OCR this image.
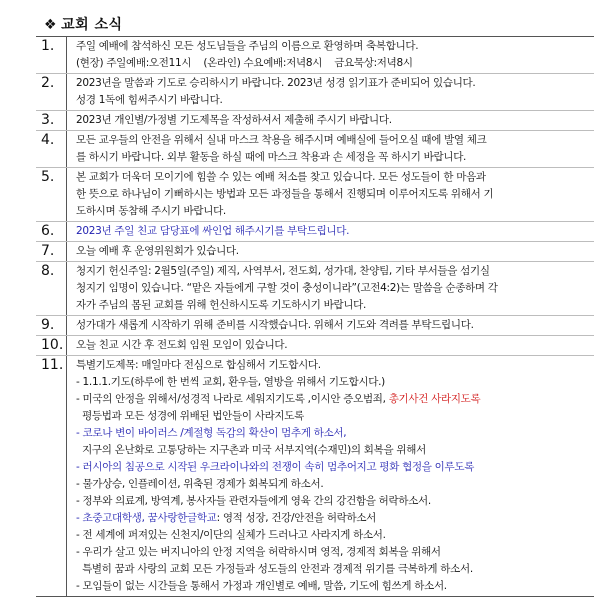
❖ 교회 소식
1.	주일 예배에 참석하신 모든 성도님들을 주님의 이름으로 환영하며 축복합니다.
(현장) 주일예배:오전11시    (온라인) 수요예배:저녁8시    금요묵상:저녁8시
2.	2023년을 말씀과 기도로 승리하시기 바랍니다. 2023년 성경 읽기표가 준비되어 있습니다.
성경 1독에 힘써주시기 바랍니다.
3.	2023년 개인별/가정별 기도제목을 작성하셔서 제출해 주시기 바랍니다.
4.	모든 교우들의 안전을 위해서 실내 마스크 착용을 해주시며 예배실에 들어오실 때에 발열 체크
를 하시기 바랍니다. 외부 활동을 하실 때에 마스크 착용과 손 세정을 꼭 하시기 바랍니다.
5.	본 교회가 더욱더 모이기에 힘쓸 수 있는 예배 처소를 찾고 있습니다. 모든 성도들이 한 마음과
한 뜻으로 하나님이 기뻐하시는 방법과 모든 과정들을 통해서 진행되며 이루어지도록 위해서 기
도하시며 동참해 주시기 바랍니다.
6.	2023년 주일 친교 담당표에 싸인업 해주시기를 부탁드립니다.
7.	오늘 예배 후 운영위원회가 있습니다.
8.	청지기 헌신주일: 2월5일(주일) 제직, 사역부서, 전도회, 성가대, 찬양팀, 기타 부서들을 섬기실
청지기 임명이 있습니다. “맡은 자들에게 구할 것이 충성이니라”(고전4:2)는 말씀을 순종하며 각
자가 주님의 몸된 교회를 위해 헌신하시도록 기도하시기 바랍니다.
9.	성가대가 새롭게 시작하기 위해 준비를 시작했습니다. 위해서 기도와 격려를 부탁드립니다.
10. 오늘 친교 시간 후 전도회 임원 모임이 있습니다.
11. 특별기도제목: 매일마다 전심으로 합심해서 기도합시다.
- 1.1.1.기도(하루에 한 번씩 교회, 환우들, 열방을 위해서 기도합시다.)
- 미국의 안정을 위해서/성경적 나라로 세워지기도록 ,이시안 증오범죄, 총기사건 사라지도록
평등법과 모든 성경에 위배된 법안들이 사라지도록
- 코로나 변이 바이러스 /계절형 독감의 확산이 멈추게 하소서,
지구의 온난화로 고통당하는 지구촌과 미국 서부지역(수재민)의 회복을 위해서
- 러시아의 침공으로 시작된 우크라이나와의 전쟁이 속히 멈추어지고 평화 협정을 이루도록
- 물가상승, 인플레이션, 위축된 경제가 회복되게 하소서.
- 정부와 의료계, 방역계, 봉사자들 관련자들에게 영육 간의 강건함을 허락하소서.
- 초중고대학생, 꿈사랑한글학교: 영적 성장, 건강/안전을 허락하소서
- 전 세계에 퍼져있는 신천지/이단의 실체가 드러나고 사라지게 하소서.
- 우리가 살고 있는 버지니아의 안정 지역을 허락하시며 영적, 경제적 회복을 위해서
특별히 꿈과 사랑의 교회 모든 가정들과 성도들의 안전과 경제적 위기를 극복하게 하소서.
- 모임들이 없는 시간들을 통해서 가정과 개인별로 예배, 말씀, 기도에 힘쓰게 하소서.
